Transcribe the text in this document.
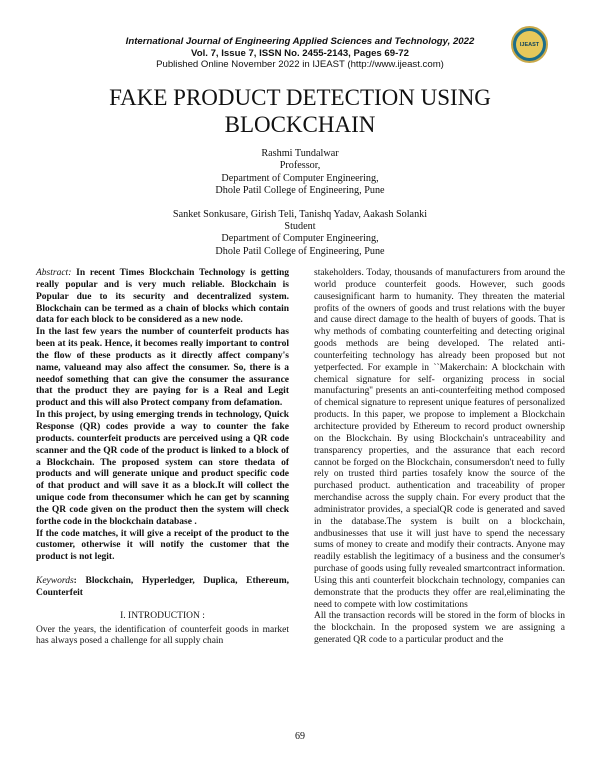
International Journal of Engineering Applied Sciences and Technology, 2022
Vol. 7, Issue 7, ISSN No. 2455-2143, Pages 69-72
Published Online November 2022 in IJEAST (http://www.ijeast.com)
IJEAST
FAKE PRODUCT DETECTION USING
BLOCKCHAIN
Rashmi Tundalwar
Professor,
Department of Computer Engineering,
Dhole Patil College of Engineering, Pune
Sanket Sonkusare, Girish Teli, Tanishq Yadav, Aakash Solanki
Student
Department of Computer Engineering,
Dhole Patil College of Engineering, Pune

Abstract: In recent Times Blockchain Technology is getting really popular and is very much reliable. Blockchain is Popular due to its security and decentralized system. Blockchain can be termed as a chain of blocks which contain data for each block to be considered as a new node.

In the last few years the number of counterfeit products has been at its peak. Hence, it becomes really important to control the flow of these products as it directly affect company's name, valueand may also affect the consumer. So, there is a needof something that can give the consumer the assurance that the product they are paying for is a Real and Legit product and this will also Protect company from defamation.

In this project, by using emerging trends in technology, Quick Response (QR) codes provide a way to counter the fake products. counterfeit products are perceived using a QR code scanner and the QR code of the product is linked to a block of a Blockchain. The proposed system can store thedata of products and will generate unique and product specific code of that product and will save it as a block.It will collect the unique code from theconsumer which he can get by scanning the QR code given on the product then the system will check forthe code in the blockchain database .

If the code matches, it will give a receipt of the product to the customer, otherwise it will notify the customer that the product is not legit.

Keywords: Blockchain, Hyperledger, Duplica, Ethereum, Counterfeit

I. INTRODUCTION :

Over the years, the identification of counterfeit goods in market has always posed a challenge for all supply chain

stakeholders. Today, thousands of manufacturers from around the world produce counterfeit goods. However, such goods causesignificant harm to humanity. They threaten the material profits of the owners of goods and trust relations with the buyer and cause direct damage to the health of buyers of goods. That is why methods of combating counterfeiting and detecting original goods methods are being developed. The related anti-counterfeiting technology has already been proposed but not yetperfected. For example in ``Makerchain: A blockchain with chemical signature for self- organizing process in social manufacturing'' presents an anti-counterfeiting method composed of chemical signature to represent unique features of personalized products. In this paper, we propose to implement a Blockchain architecture provided by Ethereum to record product ownership on the Blockchain. By using Blockchain's untraceability and transparency properties, and the assurance that each record cannot be forged on the Blockchain, consumersdon't need to fully rely on trusted third parties tosafely know the source of the purchased product. authentication and traceability of proper merchandise across the supply chain. For every product that the administrator provides, a specialQR code is generated and saved in the database.The system is built on a blockchain, andbusinesses that use it will just have to spend the necessary sums of money to create and modify their contracts. Anyone may readily establish the legitimacy of a business and the consumer's purchase of goods using fully revealed smartcontract information. Using this anti counterfeit blockchain technology, companies can demonstrate that the products they offer are real,eliminating the need to compete with low costimitations

All the transaction records will be stored in the form of blocks in the blockchain. In the proposed system we are assigning a generated QR code to a particular product and the

69
